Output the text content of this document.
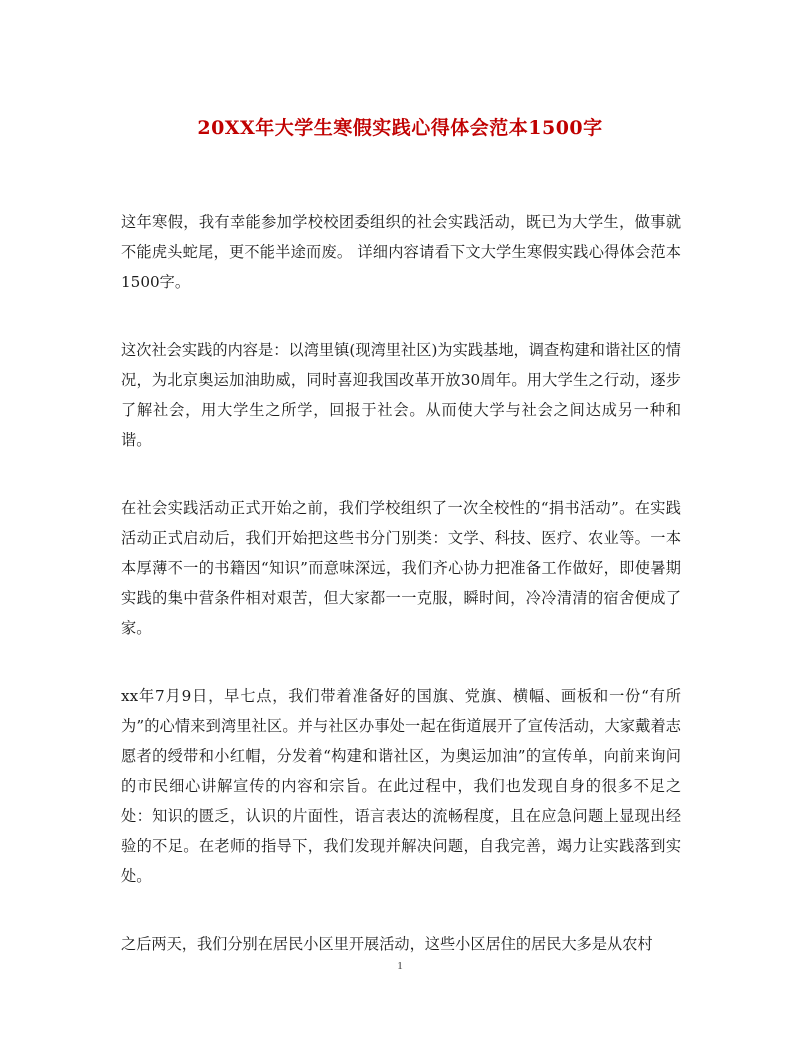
20XX年大学生寒假实践心得体会范本1500字

这年寒假，我有幸能参加学校校团委组织的社会实践活动，既已为大学生，做事就不能虎头蛇尾，更不能半途而废。 详细内容请看下文大学生寒假实践心得体会范本1500字。

这次社会实践的内容是：以湾里镇(现湾里社区)为实践基地，调查构建和谐社区的情况，为北京奥运加油助威，同时喜迎我国改革开放30周年。用大学生之行动，逐步了解社会，用大学生之所学，回报于社会。从而使大学与社会之间达成另一种和谐。

在社会实践活动正式开始之前，我们学校组织了一次全校性的“捐书活动”。在实践活动正式启动后，我们开始把这些书分门别类：文学、科技、医疗、农业等。一本本厚薄不一的书籍因“知识”而意味深远，我们齐心协力把准备工作做好，即使暑期实践的集中营条件相对艰苦，但大家都一一克服，瞬时间，冷冷清清的宿舍便成了家。

xx年7月9日，早七点，我们带着准备好的国旗、党旗、横幅、画板和一份“有所为”的心情来到湾里社区。并与社区办事处一起在街道展开了宣传活动，大家戴着志愿者的绶带和小红帽，分发着“构建和谐社区，为奥运加油”的宣传单，向前来询问的市民细心讲解宣传的内容和宗旨。在此过程中，我们也发现自身的很多不足之处：知识的匮乏，认识的片面性，语言表达的流畅程度，且在应急问题上显现出经验的不足。在老师的指导下，我们发现并解决问题，自我完善，竭力让实践落到实处。

之后两天，我们分别在居民小区里开展活动，这些小区居住的居民大多是从农村

1
